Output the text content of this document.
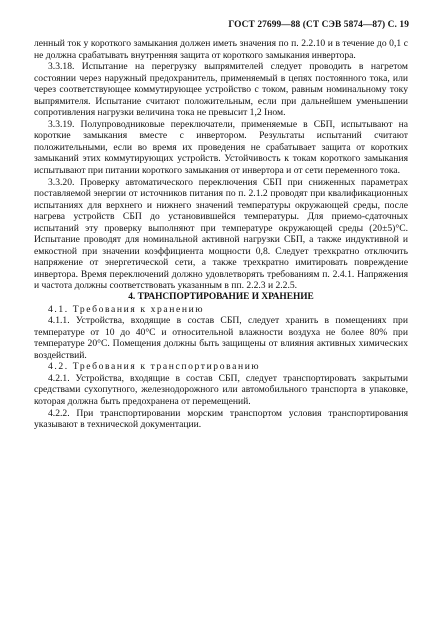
ГОСТ 27699—88 (СТ СЭВ 5874—87) С. 19

ленный ток у короткого замыкания должен иметь значения по п. 2.2.10 и в течение до 0,1 с не должна срабатывать внутренняя защита от короткого замыкания инвертора.

3.3.18. Испытание на перегрузку выпрямителей следует проводить в нагретом состоянии через наружный предохранитель, применяемый в цепях постоянного тока, или через соответствующее коммутирующее устройство с током, равным номинальному току выпрямителя. Испытание считают положительным, если при дальнейшем уменьшении сопротивления нагрузки величина тока не превысит 1,2 Iном.

3.3.19. Полупроводниковые переключатели, применяемые в СБП, испытывают на короткие замыкания вместе с инвертором. Результаты испытаний считают положительными, если во время их проведения не срабатывает защита от коротких замыканий этих коммутирующих устройств. Устойчивость к токам короткого замыкания испытывают при питании короткого замыкания от инвертора и от сети переменного тока.

3.3.20. Проверку автоматического переключения СБП при сниженных параметрах поставляемой энергии от источников питания по п. 2.1.2 проводят при квалификационных испытаниях для верхнего и нижнего значений температуры окружающей среды, после нагрева устройств СБП до установившейся температуры. Для приемо-сдаточных испытаний эту проверку выполняют при температуре окружающей среды (20±5)°С. Испытание проводят для номинальной активной нагрузки СБП, а также индуктивной и емкостной при значении коэффициента мощности 0,8. Следует трехкратно отключить напряжение от энергетической сети, а также трехкратно имитировать повреждение инвертора. Время переключений должно удовлетворять требованиям п. 2.4.1. Напряжения и частота должны соответствовать указанным в пп. 2.2.3 и 2.2.5.

4. ТРАНСПОРТИРОВАНИЕ И ХРАНЕНИЕ

4.1. Требования к хранению

4.1.1. Устройства, входящие в состав СБП, следует хранить в помещениях при температуре от 10 до 40°С и относительной влажности воздуха не более 80% при температуре 20°С. Помещения должны быть защищены от влияния активных химических воздействий.

4.2. Требования к транспортированию

4.2.1. Устройства, входящие в состав СБП, следует транспортировать закрытыми средствами сухопутного, железнодорожного или автомобильного транспорта в упаковке, которая должна быть предохранена от перемещений.

4.2.2. При транспортировании морским транспортом условия транспортирования указывают в технической документации.
